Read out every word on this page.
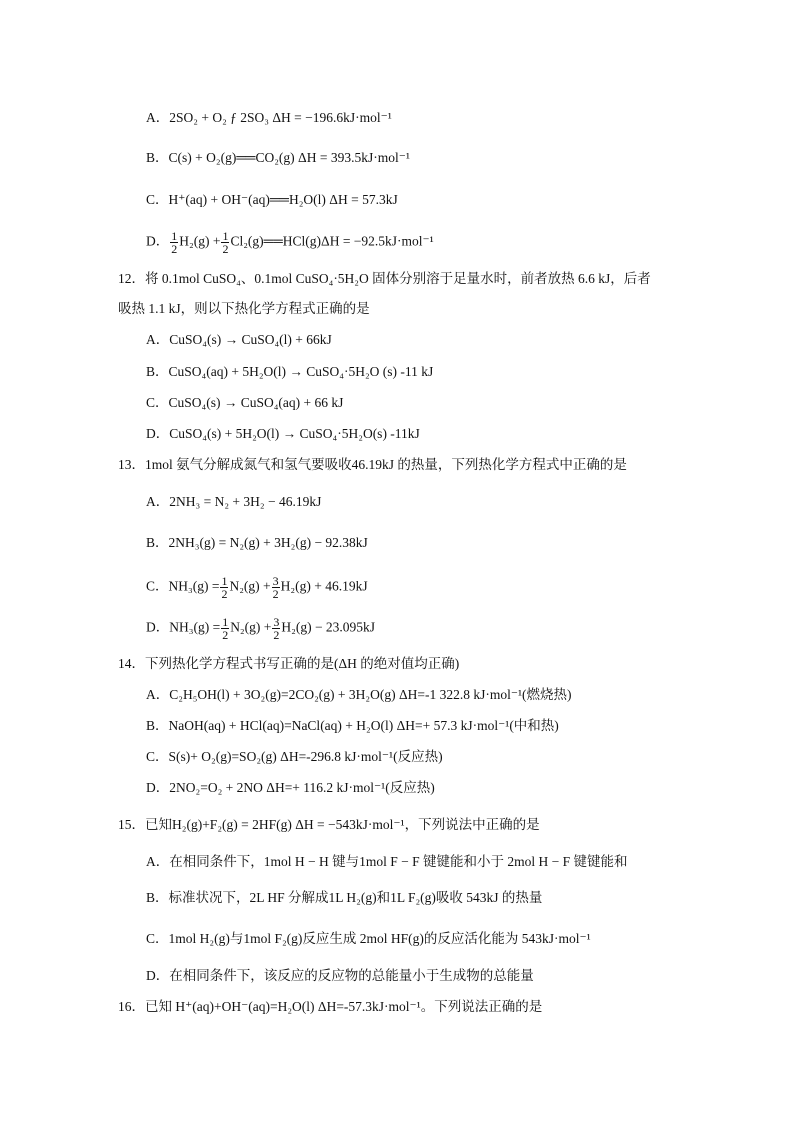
A．2SO₂ + O₂ ƒ 2SO₃ ΔH = −196.6kJ·mol⁻¹
B．C(s) + O₂(g)══CO₂(g) ΔH = 393.5kJ·mol⁻¹
C．H⁺(aq) + OH⁻(aq)══H₂O(l) ΔH = 57.3kJ
D． $\frac{1}{2} H_2(g) + \frac{1}{2}$ Cl₂(g)══HCl(g)ΔH = −92.5kJ·mol⁻¹
12．将 0.1mol CuSO₄、0.1mol CuSO₄·5H₂O 固体分别溶于足量水时，前者放热 6.6 kJ，后者
吸热 1.1 kJ，则以下热化学方程式正确的是
A．CuSO₄(s) → CuSO₄(l) + 66kJ
B．CuSO₄(aq) + 5H₂O(l) → CuSO₄·5H₂O (s) -11 kJ
C．CuSO₄(s) → CuSO₄(aq) + 66 kJ
D．CuSO₄(s) + 5H₂O(l) → CuSO₄·5H₂O(s) -11kJ
13．1mol 氨气分解成氮气和氢气要吸收46.19kJ 的热量，下列热化学方程式中正确的是
A．2NH₃ = N₂ + 3H₂ − 46.19kJ
B．2NH₃(g) = N₂(g) + 3H₂(g) − 92.38kJ
C．$NH_3(g) = \frac{1}{2} N_2(g) + \frac{3}{2} H_2(g) + 46.19kJ$
D．$NH_3(g) = \frac{1}{2} N_2(g) + \frac{3}{2} H_2(g) - 23.095kJ$
14．下列热化学方程式书写正确的是(ΔH 的绝对值均正确)
A．C₂H₅OH(l) + 3O₂(g)=2CO₂(g) + 3H₂O(g) ΔH=-1 322.8 kJ·mol⁻¹(燃烧热)
B．NaOH(aq) + HCl(aq)=NaCl(aq) + H₂O(l) ΔH=+ 57.3 kJ·mol⁻¹(中和热)
C．S(s)+ O₂(g)=SO₂(g) ΔH=-296.8 kJ·mol⁻¹(反应热)
D．2NO₂=O₂ + 2NO ΔH=+ 116.2 kJ·mol⁻¹(反应热)
15．已知H₂(g)+F₂(g) = 2HF(g) ΔH = −543kJ·mol⁻¹，下列说法中正确的是
A．在相同条件下，1mol H − H 键与1mol F − F 键键能和小于 2mol H − F 键键能和
B．标准状况下，2L HF 分解成1L H₂(g)和1L F₂(g)吸收 543kJ 的热量
C．1mol H₂(g)与1mol F₂(g)反应生成 2mol HF(g)的反应活化能为 543kJ·mol⁻¹
D．在相同条件下，该反应的反应物的总能量小于生成物的总能量
16．已知 H⁺(aq)+OH⁻(aq)=H₂O(l) ΔH=-57.3kJ·mol⁻¹。下列说法正确的是
